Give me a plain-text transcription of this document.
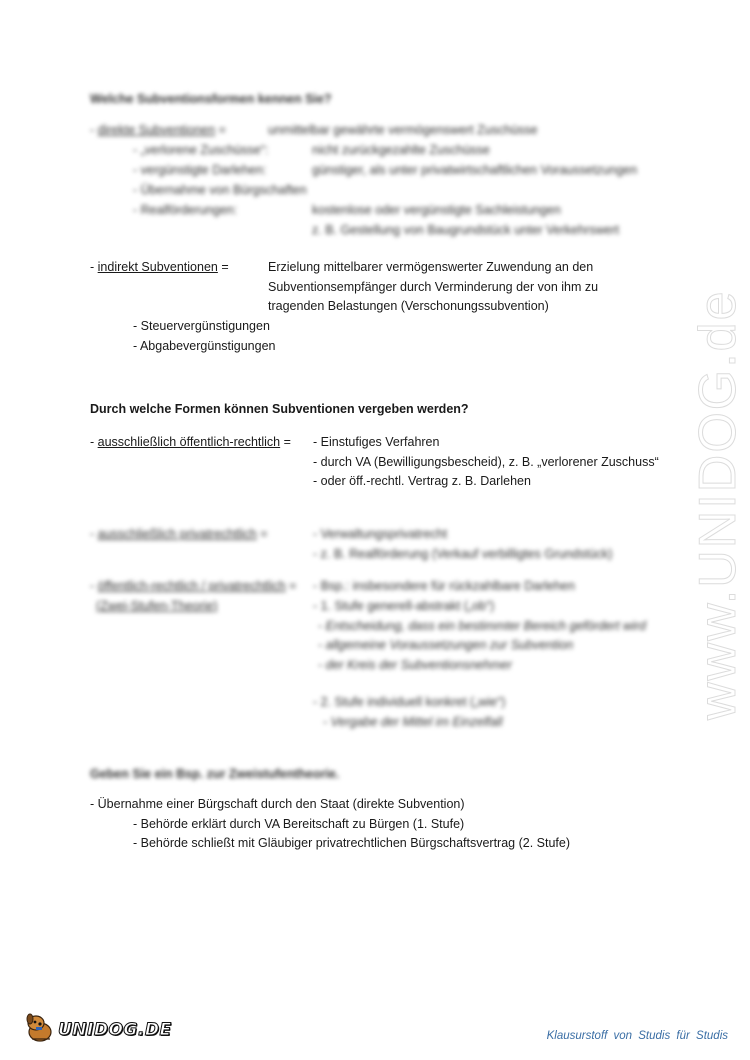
Welche Subventionsformen kennen Sie?
- direkte Subventionen =	unmittelbar gewährte vermögenswert Zuschüsse
- „verlorene Zuschüsse“:	nicht zurückgezahlte Zuschüsse
- vergünstigte Darlehen:	günstiger, als unter privatwirtschaftlichen Voraussetzungen
- Übernahme von Bürgschaften
- Realförderungen:	kostenlose oder vergünstigte Sachleistungen
z. B. Gestellung von Baugrundstück unter Verkehrswert
- indirekt Subventionen =	Erzielung mittelbarer vermögenswerter Zuwendung an den
Subventionsempfänger durch Verminderung der von ihm zu
tragenden Belastungen (Verschonungssubvention)
- Steuervergünstigungen
- Abgabevergünstigungen
Durch welche Formen können Subventionen vergeben werden?
- ausschließlich öffentlich-rechtlich = - Einstufiges Verfahren
- durch VA (Bewilligungsbescheid), z. B. „verlorener Zuschuss“
- oder öff.-rechtl. Vertrag z. B. Darlehen
- ausschließlich privatrechtlich =	- Verwaltungsprivatrecht
- z. B. Realförderung (Verkauf verbilligtes Grundstück)
- öffentlich-rechtlich / privatrechtlich =
(Zwei-Stufen-Theorie)
- Bsp.: insbesondere für rückzahlbare Darlehen
- 1. Stufe generell-abstrakt („ob“)
- Entscheidung, dass ein bestimmter Bereich gefördert wird
- allgemeine Voraussetzungen zur Subvention
- der Kreis der Subventionsnehmer
- 2. Stufe individuell konkret („wie“)
- Vergabe der Mittel im Einzelfall
Geben Sie ein Bsp. zur Zweistufentheorie.
- Übernahme einer Bürgschaft durch den Staat (direkte Subvention)
- Behörde erklärt durch VA Bereitschaft zu Bürgen (1. Stufe)
- Behörde schließt mit Gläubiger privatrechtlichen Bürgschaftsvertrag (2. Stufe)
www.UNIDOG.de
UNIDOG.DE	Klausurstoff von Studis für Studis
